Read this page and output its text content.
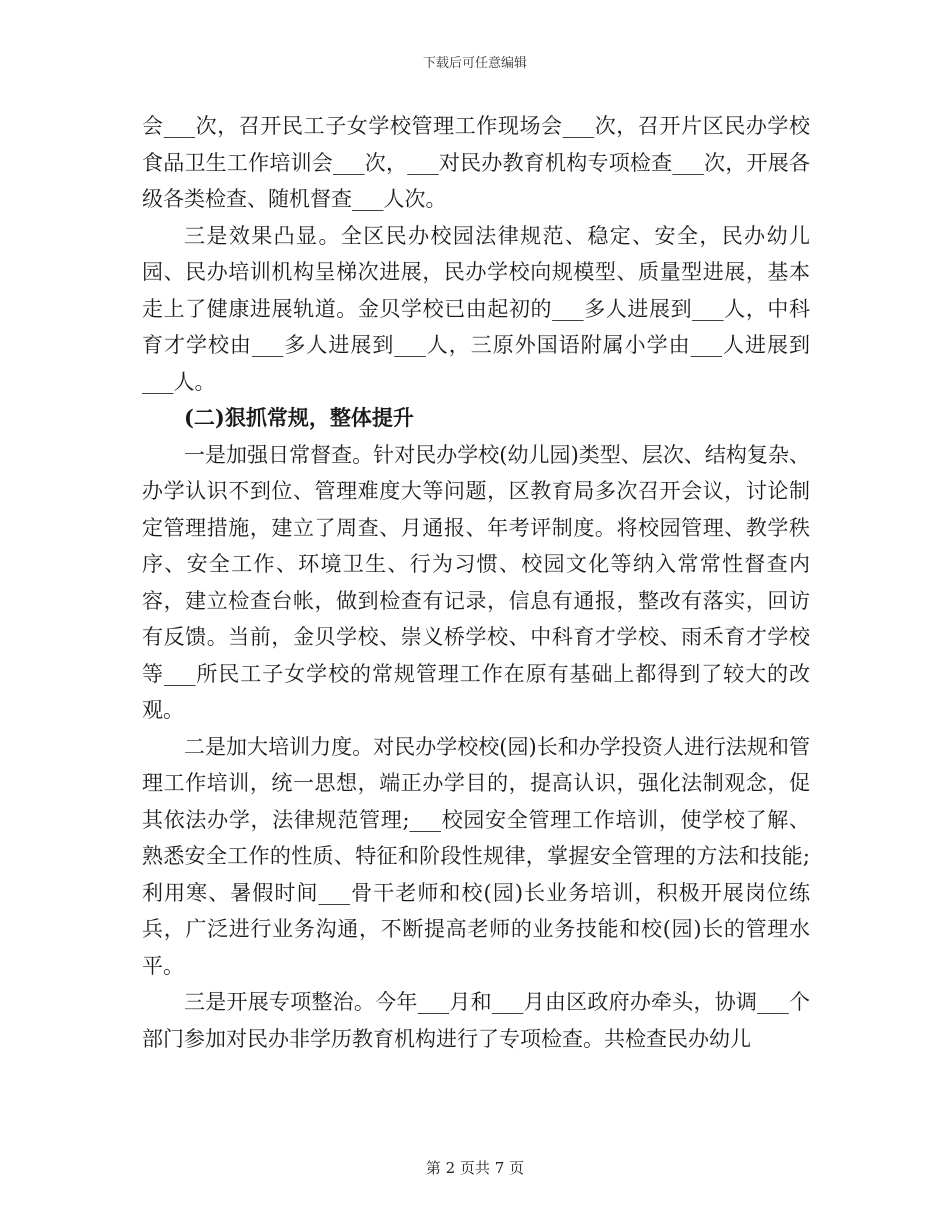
下载后可任意编辑

会___次，召开民工子女学校管理工作现场会___次，召开片区民办学校食品卫生工作培训会___次，___对民办教育机构专项检查___次，开展各级各类检查、随机督查___人次。

三是效果凸显。全区民办校园法律规范、稳定、安全，民办幼儿园、民办培训机构呈梯次进展，民办学校向规模型、质量型进展，基本走上了健康进展轨道。金贝学校已由起初的___多人进展到___人，中科育才学校由___多人进展到___人，三原外国语附属小学由___人进展到___人。

(二)狠抓常规，整体提升

一是加强日常督查。针对民办学校(幼儿园)类型、层次、结构复杂、办学认识不到位、管理难度大等问题，区教育局多次召开会议，讨论制定管理措施，建立了周查、月通报、年考评制度。将校园管理、教学秩序、安全工作、环境卫生、行为习惯、校园文化等纳入常常性督查内容，建立检查台帐，做到检查有记录，信息有通报，整改有落实，回访有反馈。当前，金贝学校、崇义桥学校、中科育才学校、雨禾育才学校等___所民工子女学校的常规管理工作在原有基础上都得到了较大的改观。

二是加大培训力度。对民办学校校(园)长和办学投资人进行法规和管理工作培训，统一思想，端正办学目的，提高认识，强化法制观念，促其依法办学，法律规范管理;___校园安全管理工作培训，使学校了解、熟悉安全工作的性质、特征和阶段性规律，掌握安全管理的方法和技能;利用寒、暑假时间___骨干老师和校(园)长业务培训，积极开展岗位练兵，广泛进行业务沟通，不断提高老师的业务技能和校(园)长的管理水平。

三是开展专项整治。今年___月和___月由区政府办牵头，协调___个部门参加对民办非学历教育机构进行了专项检查。共检查民办幼儿

第 2 页共 7 页
